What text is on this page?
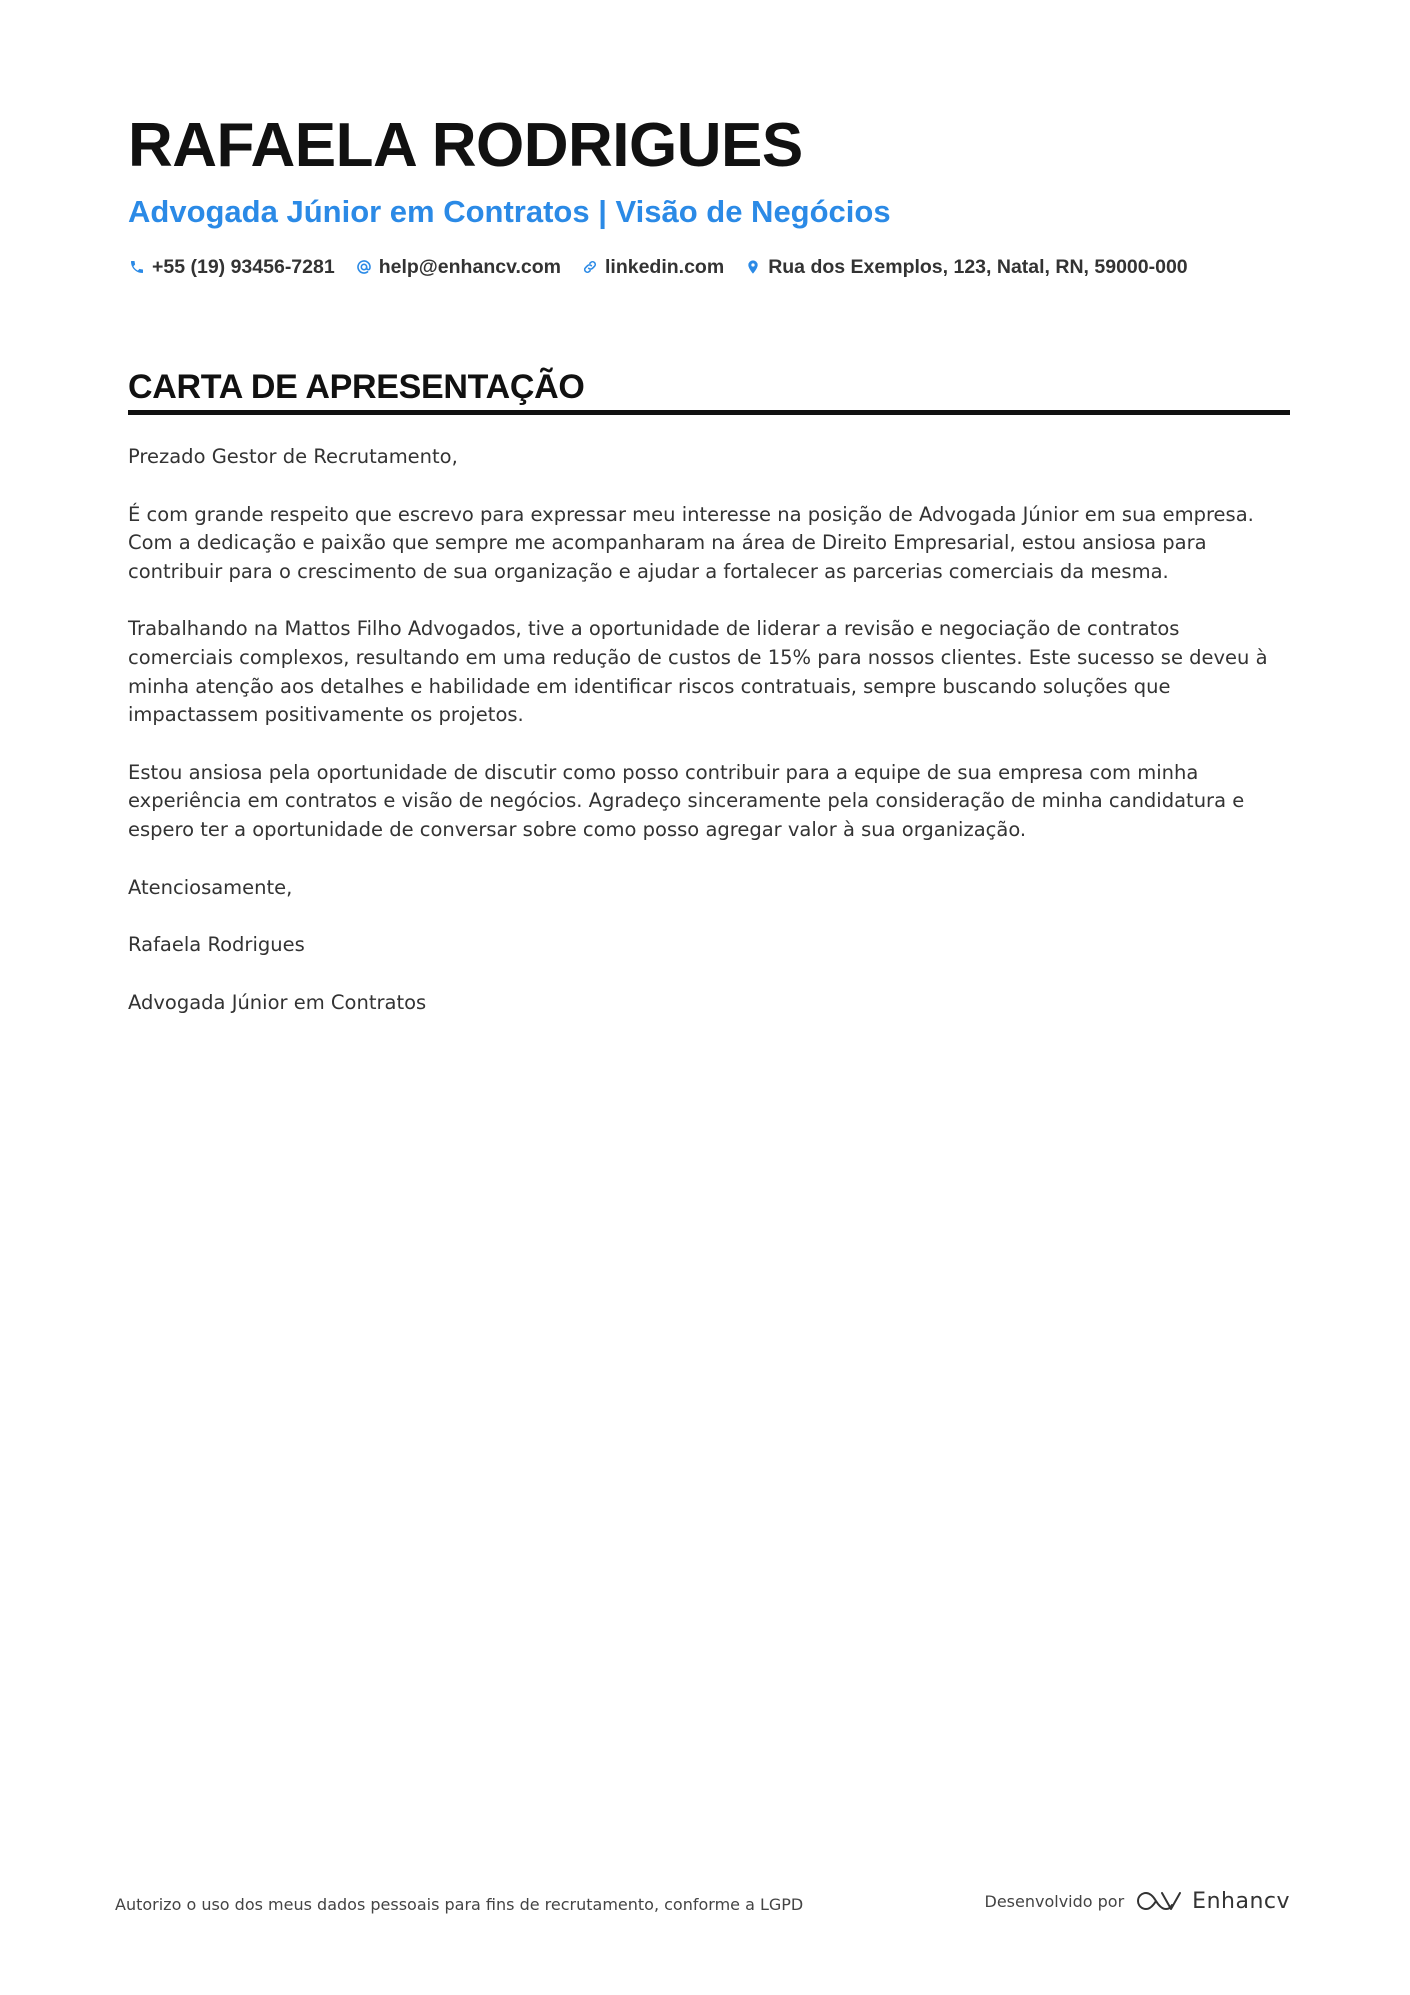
RAFAELA RODRIGUES
Advogada Júnior em Contratos | Visão de Negócios
+55 (19) 93456-7281 help@enhancv.com linkedin.com Rua dos Exemplos, 123, Natal, RN, 59000-000
CARTA DE APRESENTAÇÃO

Prezado Gestor de Recrutamento,

É com grande respeito que escrevo para expressar meu interesse na posição de Advogada Júnior em sua empresa. Com a dedicação e paixão que sempre me acompanharam na área de Direito Empresarial, estou ansiosa para contribuir para o crescimento de sua organização e ajudar a fortalecer as parcerias comerciais da mesma.

Trabalhando na Mattos Filho Advogados, tive a oportunidade de liderar a revisão e negociação de contratos comerciais complexos, resultando em uma redução de custos de 15% para nossos clientes. Este sucesso se deveu à minha atenção aos detalhes e habilidade em identificar riscos contratuais, sempre buscando soluções que impactassem positivamente os projetos.

Estou ansiosa pela oportunidade de discutir como posso contribuir para a equipe de sua empresa com minha experiência em contratos e visão de negócios. Agradeço sinceramente pela consideração de minha candidatura e espero ter a oportunidade de conversar sobre como posso agregar valor à sua organização.

Atenciosamente,

Rafaela Rodrigues

Advogada Júnior em Contratos

Autorizo o uso dos meus dados pessoais para fins de recrutamento, conforme a LGPD	Desenvolvido por	Enhancv
